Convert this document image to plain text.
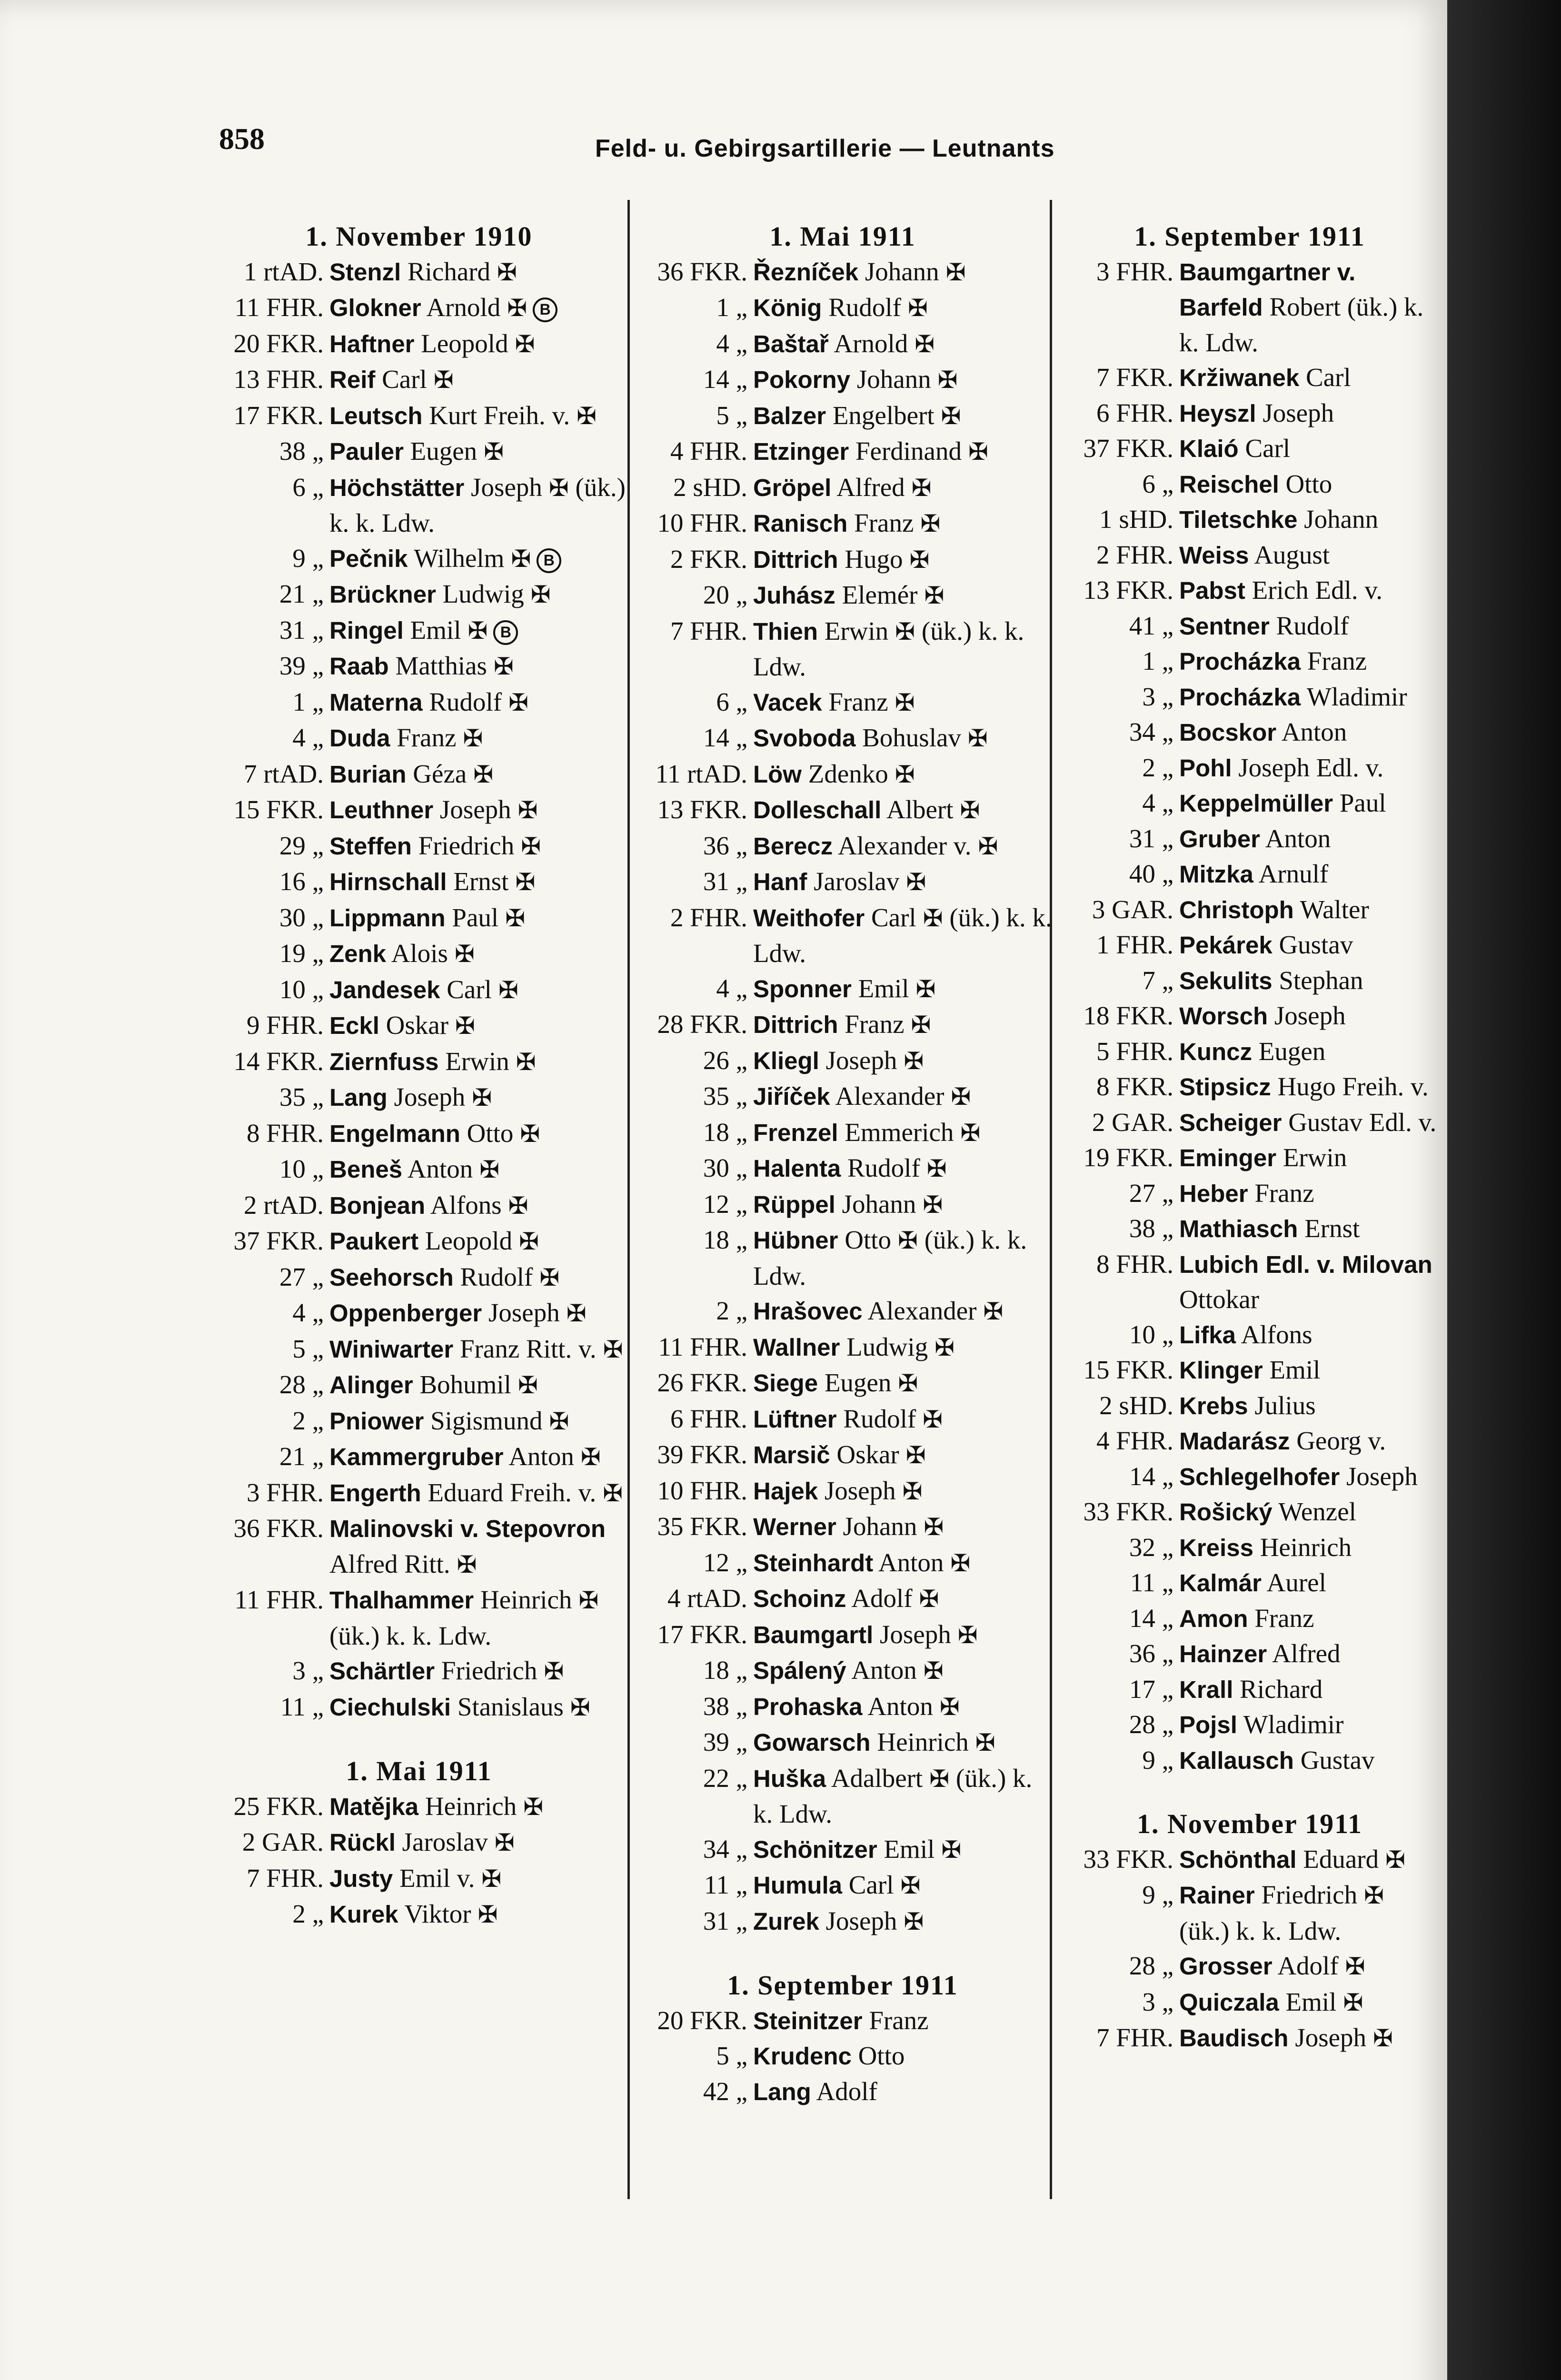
858	Feld- u. Gebirgsartillerie — Leutnants
1. November 1910
1 rtAD. Stenzl Richard ✠
11 FHR. Glokner Arnold ✠ B
20 FKR. Haftner Leopold ✠
13 FHR. Reif Carl ✠
17 FKR. Leutsch Kurt Freih. v. ✠
38 „ Pauler Eugen ✠
6 „ Höchstätter Joseph ✠ (ük.) k. k. Ldw.
9 „ Pečnik Wilhelm ✠ B
21 „ Brückner Ludwig ✠
31 „ Ringel Emil ✠ B
39 „ Raab Matthias ✠
1 „ Materna Rudolf ✠
4 „ Duda Franz ✠
7 rtAD. Burian Géza ✠
15 FKR. Leuthner Joseph ✠
29 „ Steffen Friedrich ✠
16 „ Hirnschall Ernst ✠
30 „ Lippmann Paul ✠
19 „ Zenk Alois ✠
10 „ Jandesek Carl ✠
9 FHR. Eckl Oskar ✠
14 FKR. Ziernfuss Erwin ✠
35 „ Lang Joseph ✠
8 FHR. Engelmann Otto ✠
10 „ Beneš Anton ✠
2 rtAD. Bonjean Alfons ✠
37 FKR. Paukert Leopold ✠
27 „ Seehorsch Rudolf ✠
4 „ Oppenberger Joseph ✠
5 „ Winiwarter Franz Ritt. v. ✠
28 „ Alinger Bohumil ✠
2 „ Pniower Sigismund ✠
21 „ Kammergruber Anton ✠
3 FHR. Engerth Eduard Freih. v. ✠
36 FKR. Malinovski v. Stepovron Alfred Ritt. ✠
11 FHR. Thalhammer Heinrich ✠ (ük.) k. k. Ldw.
3 „ Schärtler Friedrich ✠
11 „ Ciechulski Stanislaus ✠
1. Mai 1911
25 FKR. Matějka Heinrich ✠
2 GAR. Rückl Jaroslav ✠
7 FHR. Justy Emil v. ✠
2 „ Kurek Viktor ✠
1. Mai 1911
36 FKR. Řezníček Johann ✠
1 „ König Rudolf ✠
4 „ Baštař Arnold ✠
14 „ Pokorny Johann ✠
5 „ Balzer Engelbert ✠
4 FHR. Etzinger Ferdinand ✠
2 sHD. Gröpel Alfred ✠
10 FHR. Ranisch Franz ✠
2 FKR. Dittrich Hugo ✠
20 „ Juhász Elemér ✠
7 FHR. Thien Erwin ✠ (ük.) k. k. Ldw.
6 „ Vacek Franz ✠
14 „ Svoboda Bohuslav ✠
11 rtAD. Löw Zdenko ✠
13 FKR. Dolleschall Albert ✠
36 „ Berecz Alexander v. ✠
31 „ Hanf Jaroslav ✠
2 FHR. Weithofer Carl ✠ (ük.) k. k. Ldw.
4 „ Sponner Emil ✠
28 FKR. Dittrich Franz ✠
26 „ Kliegl Joseph ✠
35 „ Jiříček Alexander ✠
18 „ Frenzel Emmerich ✠
30 „ Halenta Rudolf ✠
12 „ Rüppel Johann ✠
18 „ Hübner Otto ✠ (ük.) k. k. Ldw.
2 „ Hrašovec Alexander ✠
11 FHR. Wallner Ludwig ✠
26 FKR. Siege Eugen ✠
6 FHR. Lüftner Rudolf ✠
39 FKR. Marsič Oskar ✠
10 FHR. Hajek Joseph ✠
35 FKR. Werner Johann ✠
12 „ Steinhardt Anton ✠
4 rtAD. Schoinz Adolf ✠
17 FKR. Baumgartl Joseph ✠
18 „ Spálený Anton ✠
38 „ Prohaska Anton ✠
39 „ Gowarsch Heinrich ✠
22 „ Huška Adalbert ✠ (ük.) k. k. Ldw.
34 „ Schönitzer Emil ✠
11 „ Humula Carl ✠
31 „ Zurek Joseph ✠
1. September 1911
20 FKR. Steinitzer Franz
5 „ Krudenc Otto
42 „ Lang Adolf
1. September 1911
3 FHR. Baumgartner v. Barfeld Robert (ük.) k. k. Ldw.
7 FKR. Kržiwanek Carl
6 FHR. Heyszl Joseph
37 FKR. Klaió Carl
6 „ Reischel Otto
1 sHD. Tiletschke Johann
2 FHR. Weiss August
13 FKR. Pabst Erich Edl. v.
41 „ Sentner Rudolf
1 „ Procházka Franz
3 „ Procházka Wladimir
34 „ Bocskor Anton
2 „ Pohl Joseph Edl. v.
4 „ Keppelmüller Paul
31 „ Gruber Anton
40 „ Mitzka Arnulf
3 GAR. Christoph Walter
1 FHR. Pekárek Gustav
7 „ Sekulits Stephan
18 FKR. Worsch Joseph
5 FHR. Kuncz Eugen
8 FKR. Stipsicz Hugo Freih. v.
2 GAR. Scheiger Gustav Edl. v.
19 FKR. Eminger Erwin
27 „ Heber Franz
38 „ Mathiasch Ernst
8 FHR. Lubich Edl. v. Milovan Ottokar
10 „ Lifka Alfons
15 FKR. Klinger Emil
2 sHD. Krebs Julius
4 FHR. Madarász Georg v.
14 „ Schlegelhofer Joseph
33 FKR. Rošický Wenzel
32 „ Kreiss Heinrich
11 „ Kalmár Aurel
14 „ Amon Franz
36 „ Hainzer Alfred
17 „ Krall Richard
28 „ Pojsl Wladimir
9 „ Kallausch Gustav
1. November 1911
33 FKR. Schönthal Eduard ✠
9 „ Rainer Friedrich ✠ (ük.) k. k. Ldw.
28 „ Grosser Adolf ✠
3 „ Quiczala Emil ✠
7 FHR. Baudisch Joseph ✠
